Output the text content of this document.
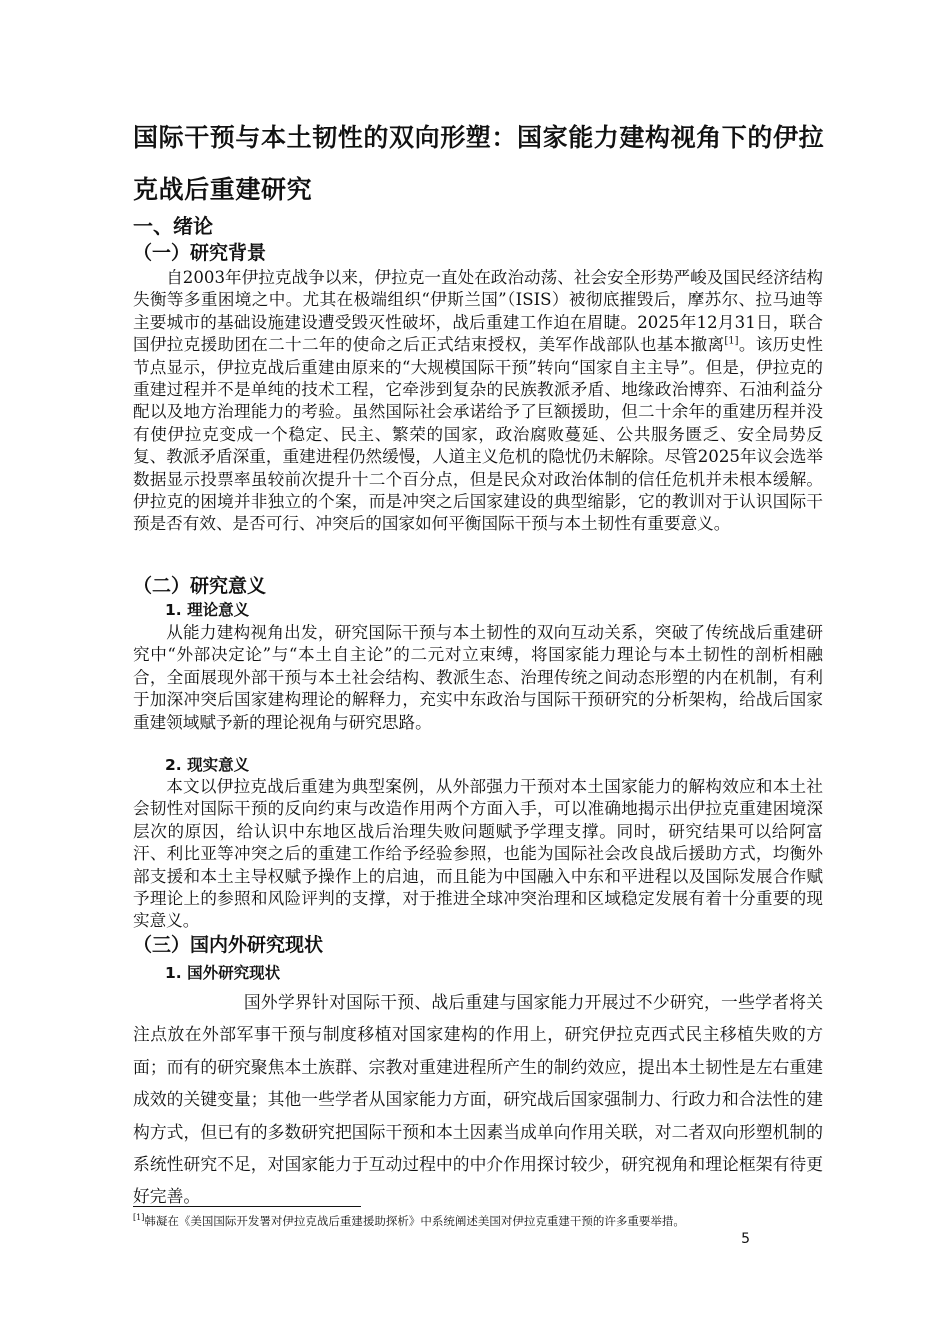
国际干预与本土韧性的双向形塑：国家能力建构视角下的伊拉克战后重建研究
一、绪论
（一）研究背景

自2003年伊拉克战争以来，伊拉克一直处在政治动荡、社会安全形势严峻及国民经济结构失衡等多重困境之中。尤其在极端组织“伊斯兰国”（ISIS）被彻底摧毁后，摩苏尔、拉马迪等主要城市的基础设施建设遭受毁灭性破坏，战后重建工作迫在眉睫。2025年12月31日，联合国伊拉克援助团在二十二年的使命之后正式结束授权，美军作战部队也基本撤离[1]。该历史性节点显示，伊拉克战后重建由原来的“大规模国际干预”转向“国家自主主导”。但是，伊拉克的重建过程并不是单纯的技术工程，它牵涉到复杂的民族教派矛盾、地缘政治博弈、石油利益分配以及地方治理能力的考验。虽然国际社会承诺给予了巨额援助，但二十余年的重建历程并没有使伊拉克变成一个稳定、民主、繁荣的国家，政治腐败蔓延、公共服务匮乏、安全局势反复、教派矛盾深重，重建进程仍然缓慢，人道主义危机的隐忧仍未解除。尽管2025年议会选举数据显示投票率虽较前次提升十二个百分点，但是民众对政治体制的信任危机并未根本缓解。伊拉克的困境并非独立的个案，而是冲突之后国家建设的典型缩影，它的教训对于认识国际干预是否有效、是否可行、冲突后的国家如何平衡国际干预与本土韧性有重要意义。

（二）研究意义
1. 理论意义

从能力建构视角出发，研究国际干预与本土韧性的双向互动关系，突破了传统战后重建研究中“外部决定论”与“本土自主论”的二元对立束缚，将国家能力理论与本土韧性的剖析相融合，全面展现外部干预与本土社会结构、教派生态、治理传统之间动态形塑的内在机制，有利于加深冲突后国家建构理论的解释力，充实中东政治与国际干预研究的分析架构，给战后国家重建领域赋予新的理论视角与研究思路。

2. 现实意义

本文以伊拉克战后重建为典型案例，从外部强力干预对本土国家能力的解构效应和本土社会韧性对国际干预的反向约束与改造作用两个方面入手，可以准确地揭示出伊拉克重建困境深层次的原因，给认识中东地区战后治理失败问题赋予学理支撑。同时，研究结果可以给阿富汗、利比亚等冲突之后的重建工作给予经验参照，也能为国际社会改良战后援助方式，均衡外部支援和本土主导权赋予操作上的启迪，而且能为中国融入中东和平进程以及国际发展合作赋予理论上的参照和风险评判的支撑，对于推进全球冲突治理和区域稳定发展有着十分重要的现实意义。

（三）国内外研究现状
1. 国外研究现状

国外学界针对国际干预、战后重建与国家能力开展过不少研究，一些学者将关注点放在外部军事干预与制度移植对国家建构的作用上，研究伊拉克西式民主移植失败的方面；而有的研究聚焦本土族群、宗教对重建进程所产生的制约效应，提出本土韧性是左右重建成效的关键变量；其他一些学者从国家能力方面，研究战后国家强制力、行政力和合法性的建构方式，但已有的多数研究把国际干预和本土因素当成单向作用关联，对二者双向形塑机制的系统性研究不足，对国家能力于互动过程中的中介作用探讨较少，研究视角和理论框架有待更好完善。

[1]韩凝在《美国国际开发署对伊拉克战后重建援助探析》中系统阐述美国对伊拉克重建干预的许多重要举措。

5
